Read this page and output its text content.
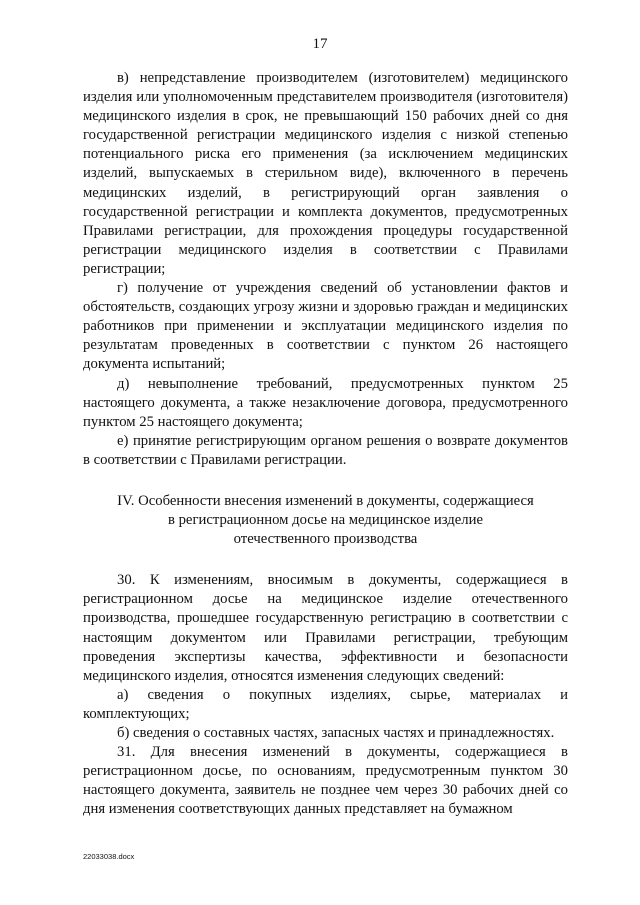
17

в) непредставление производителем (изготовителем) медицинского изделия или уполномоченным представителем производителя (изготовителя) медицинского изделия в срок, не превышающий 150 рабочих дней со дня государственной регистрации медицинского изделия с низкой степенью потенциального риска его применения (за исключением медицинских изделий, выпускаемых в стерильном виде), включенного в перечень медицинских изделий, в регистрирующий орган заявления о государственной регистрации и комплекта документов, предусмотренных Правилами регистрации, для прохождения процедуры государственной регистрации медицинского изделия в соответствии с Правилами регистрации;

г) получение от учреждения сведений об установлении фактов и обстоятельств, создающих угрозу жизни и здоровью граждан и медицинских работников при применении и эксплуатации медицинского изделия по результатам проведенных в соответствии с пунктом 26 настоящего документа испытаний;

д) невыполнение требований, предусмотренных пунктом 25 настоящего документа, а также незаключение договора, предусмотренного пунктом 25 настоящего документа;

е) принятие регистрирующим органом решения о возврате документов в соответствии с Правилами регистрации.

IV. Особенности внесения изменений в документы, содержащиеся
в регистрационном досье на медицинское изделие
отечественного производства

30. К изменениям, вносимым в документы, содержащиеся в регистрационном досье на медицинское изделие отечественного производства, прошедшее государственную регистрацию в соответствии с настоящим документом или Правилами регистрации, требующим проведения экспертизы качества, эффективности и безопасности медицинского изделия, относятся изменения следующих сведений:

а) сведения о покупных изделиях, сырье, материалах и комплектующих;

б) сведения о составных частях, запасных частях и принадлежностях.

31. Для внесения изменений в документы, содержащиеся в регистрационном досье, по основаниям, предусмотренным пунктом 30 настоящего документа, заявитель не позднее чем через 30 рабочих дней со дня изменения соответствующих данных представляет на бумажном

22033038.docx
